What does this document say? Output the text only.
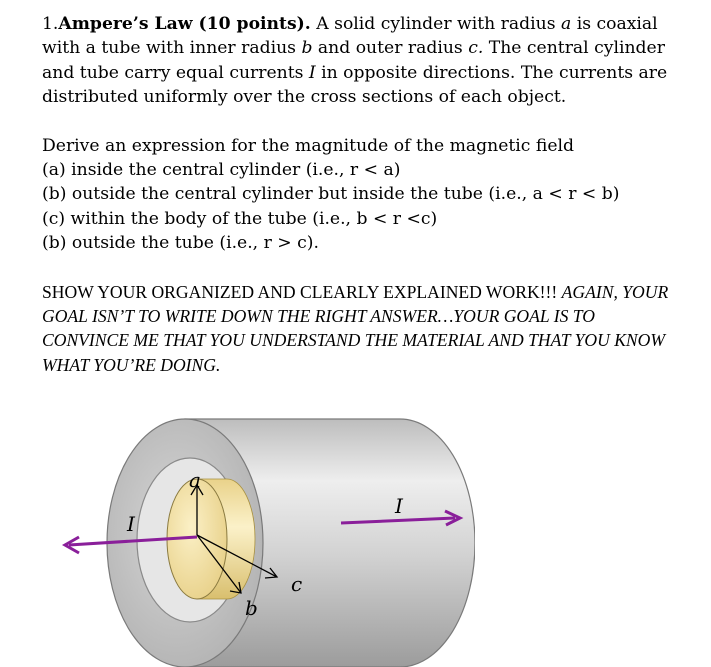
1.Ampere’s Law (10 points). A solid cylinder with radius a is coaxial with a tube with inner radius b and outer radius c. The central cylinder and tube carry equal currents I in opposite directions. The currents are distributed uniformly over the cross sections of each object.

Derive an expression for the magnitude of the magnetic field
(a) inside the central cylinder (i.e., r < a)
(b) outside the central cylinder but inside the tube (i.e., a < r < b)
(c) within the body of the tube (i.e., b < r <c)
(b) outside the tube (i.e., r > c).

SHOW YOUR ORGANIZED AND CLEARLY EXPLAINED WORK!!! AGAIN, YOUR GOAL ISN’T TO WRITE DOWN THE RIGHT ANSWER…YOUR GOAL IS TO CONVINCE ME THAT YOU UNDERSTAND THE MATERIAL AND THAT YOU KNOW WHAT YOU’RE DOING.

a
b
c
I
I
